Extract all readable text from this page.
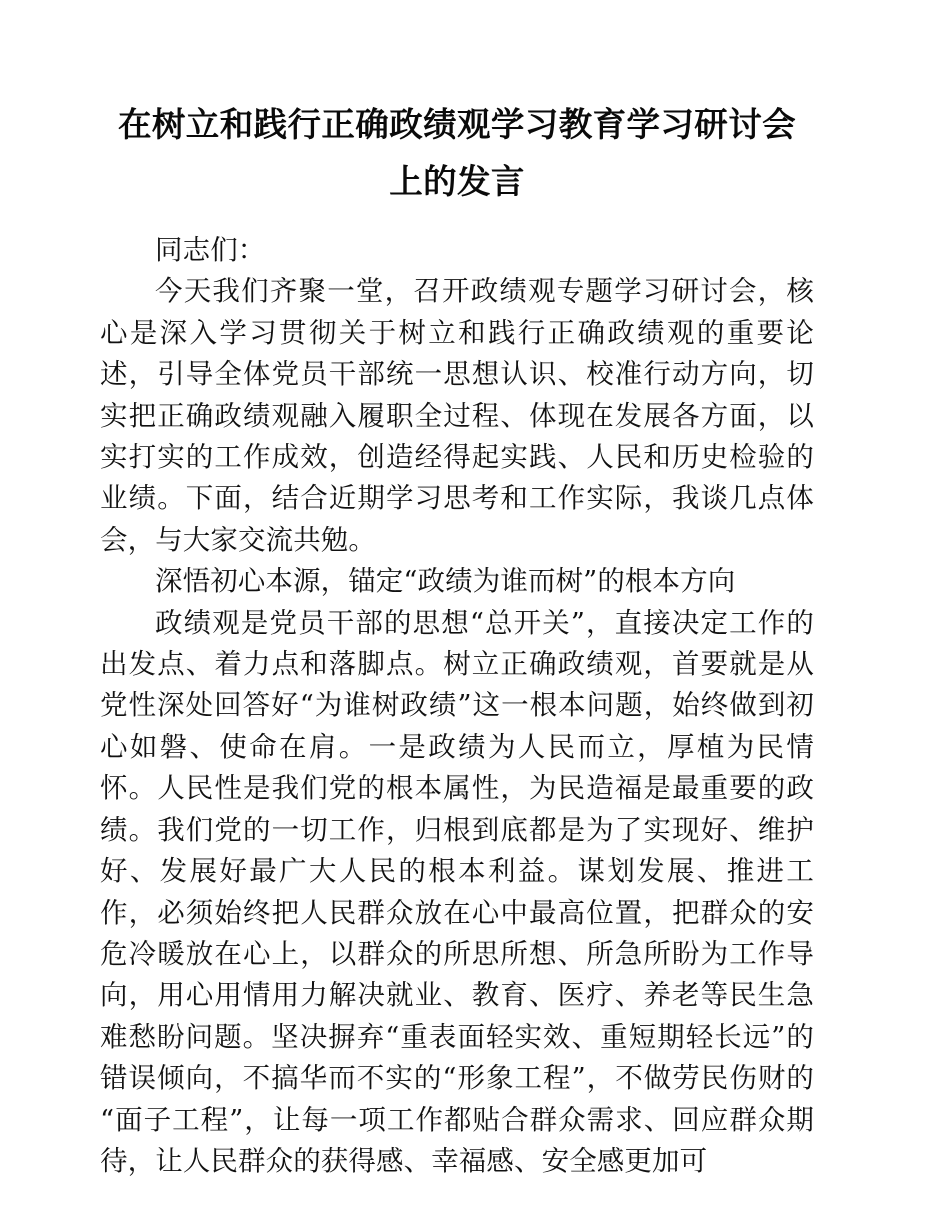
在树立和践行正确政绩观学习教育学习研讨会 上的发言

同志们：

今天我们齐聚一堂，召开政绩观专题学习研讨会，核心是深入学习贯彻关于树立和践行正确政绩观的重要论述，引导全体党员干部统一思想认识、校准行动方向，切实把正确政绩观融入履职全过程、体现在发展各方面，以实打实的工作成效，创造经得起实践、人民和历史检验的业绩。下面，结合近期学习思考和工作实际，我谈几点体会，与大家交流共勉。

深悟初心本源，锚定“政绩为谁而树”的根本方向

政绩观是党员干部的思想“总开关”，直接决定工作的出发点、着力点和落脚点。树立正确政绩观，首要就是从党性深处回答好“为谁树政绩”这一根本问题，始终做到初心如磐、使命在肩。一是政绩为人民而立，厚植为民情怀。人民性是我们党的根本属性，为民造福是最重要的政绩。我们党的一切工作，归根到底都是为了实现好、维护好、发展好最广大人民的根本利益。谋划发展、推进工作，必须始终把人民群众放在心中最高位置，把群众的安危冷暖放在心上，以群众的所思所想、所急所盼为工作导向，用心用情用力解决就业、教育、医疗、养老等民生急难愁盼问题。坚决摒弃“重表面轻实效、重短期轻长远”的错误倾向，不搞华而不实的“形象工程”，不做劳民伤财的“面子工程”，让每一项工作都贴合群众需求、回应群众期待，让人民群众的获得感、幸福感、安全感更加可
